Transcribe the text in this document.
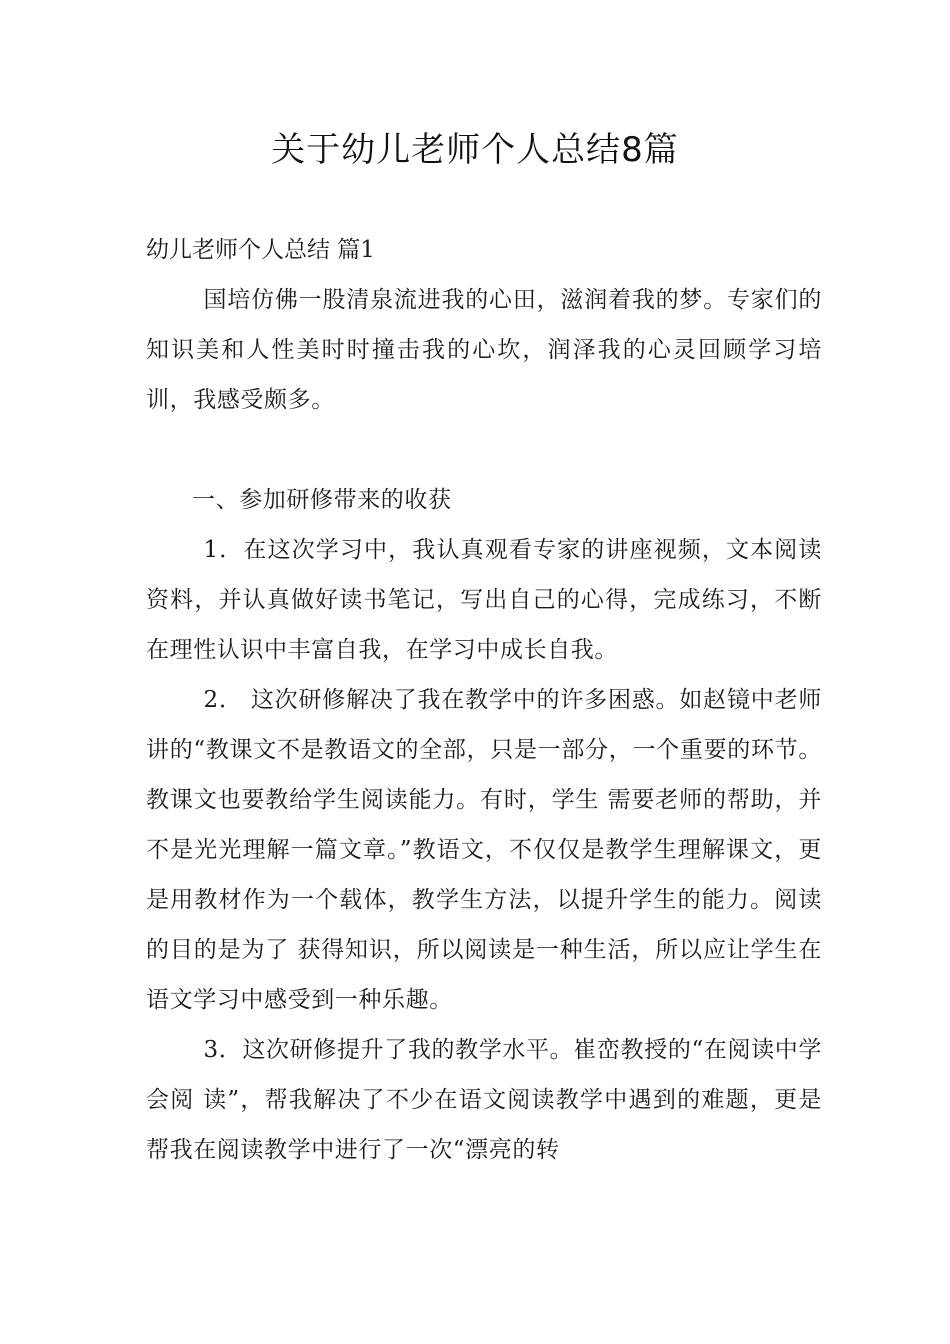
关于幼儿老师个人总结8篇

幼儿老师个人总结 篇1

国培仿佛一股清泉流进我的心田，滋润着我的梦。专家们的知识美和人性美时时撞击我的心坎，润泽我的心灵回顾学习培训，我感受颇多。

一、参加研修带来的收获

1．在这次学习中，我认真观看专家的讲座视频，文本阅读资料，并认真做好读书笔记，写出自己的心得，完成练习，不断在理性认识中丰富自我，在学习中成长自我。

2． 这次研修解决了我在教学中的许多困惑。如赵镜中老师讲的“教课文不是教语文的全部，只是一部分，一个重要的环节。教课文也要教给学生阅读能力。有时，学生 需要老师的帮助，并不是光光理解一篇文章。”教语文，不仅仅是教学生理解课文，更是用教材作为一个载体，教学生方法，以提升学生的能力。阅读的目的是为了 获得知识，所以阅读是一种生活，所以应让学生在语文学习中感受到一种乐趣。

3．这次研修提升了我的教学水平。崔峦教授的“在阅读中学会阅 读”，帮我解决了不少在语文阅读教学中遇到的难题，更是帮我在阅读教学中进行了一次“漂亮的转
